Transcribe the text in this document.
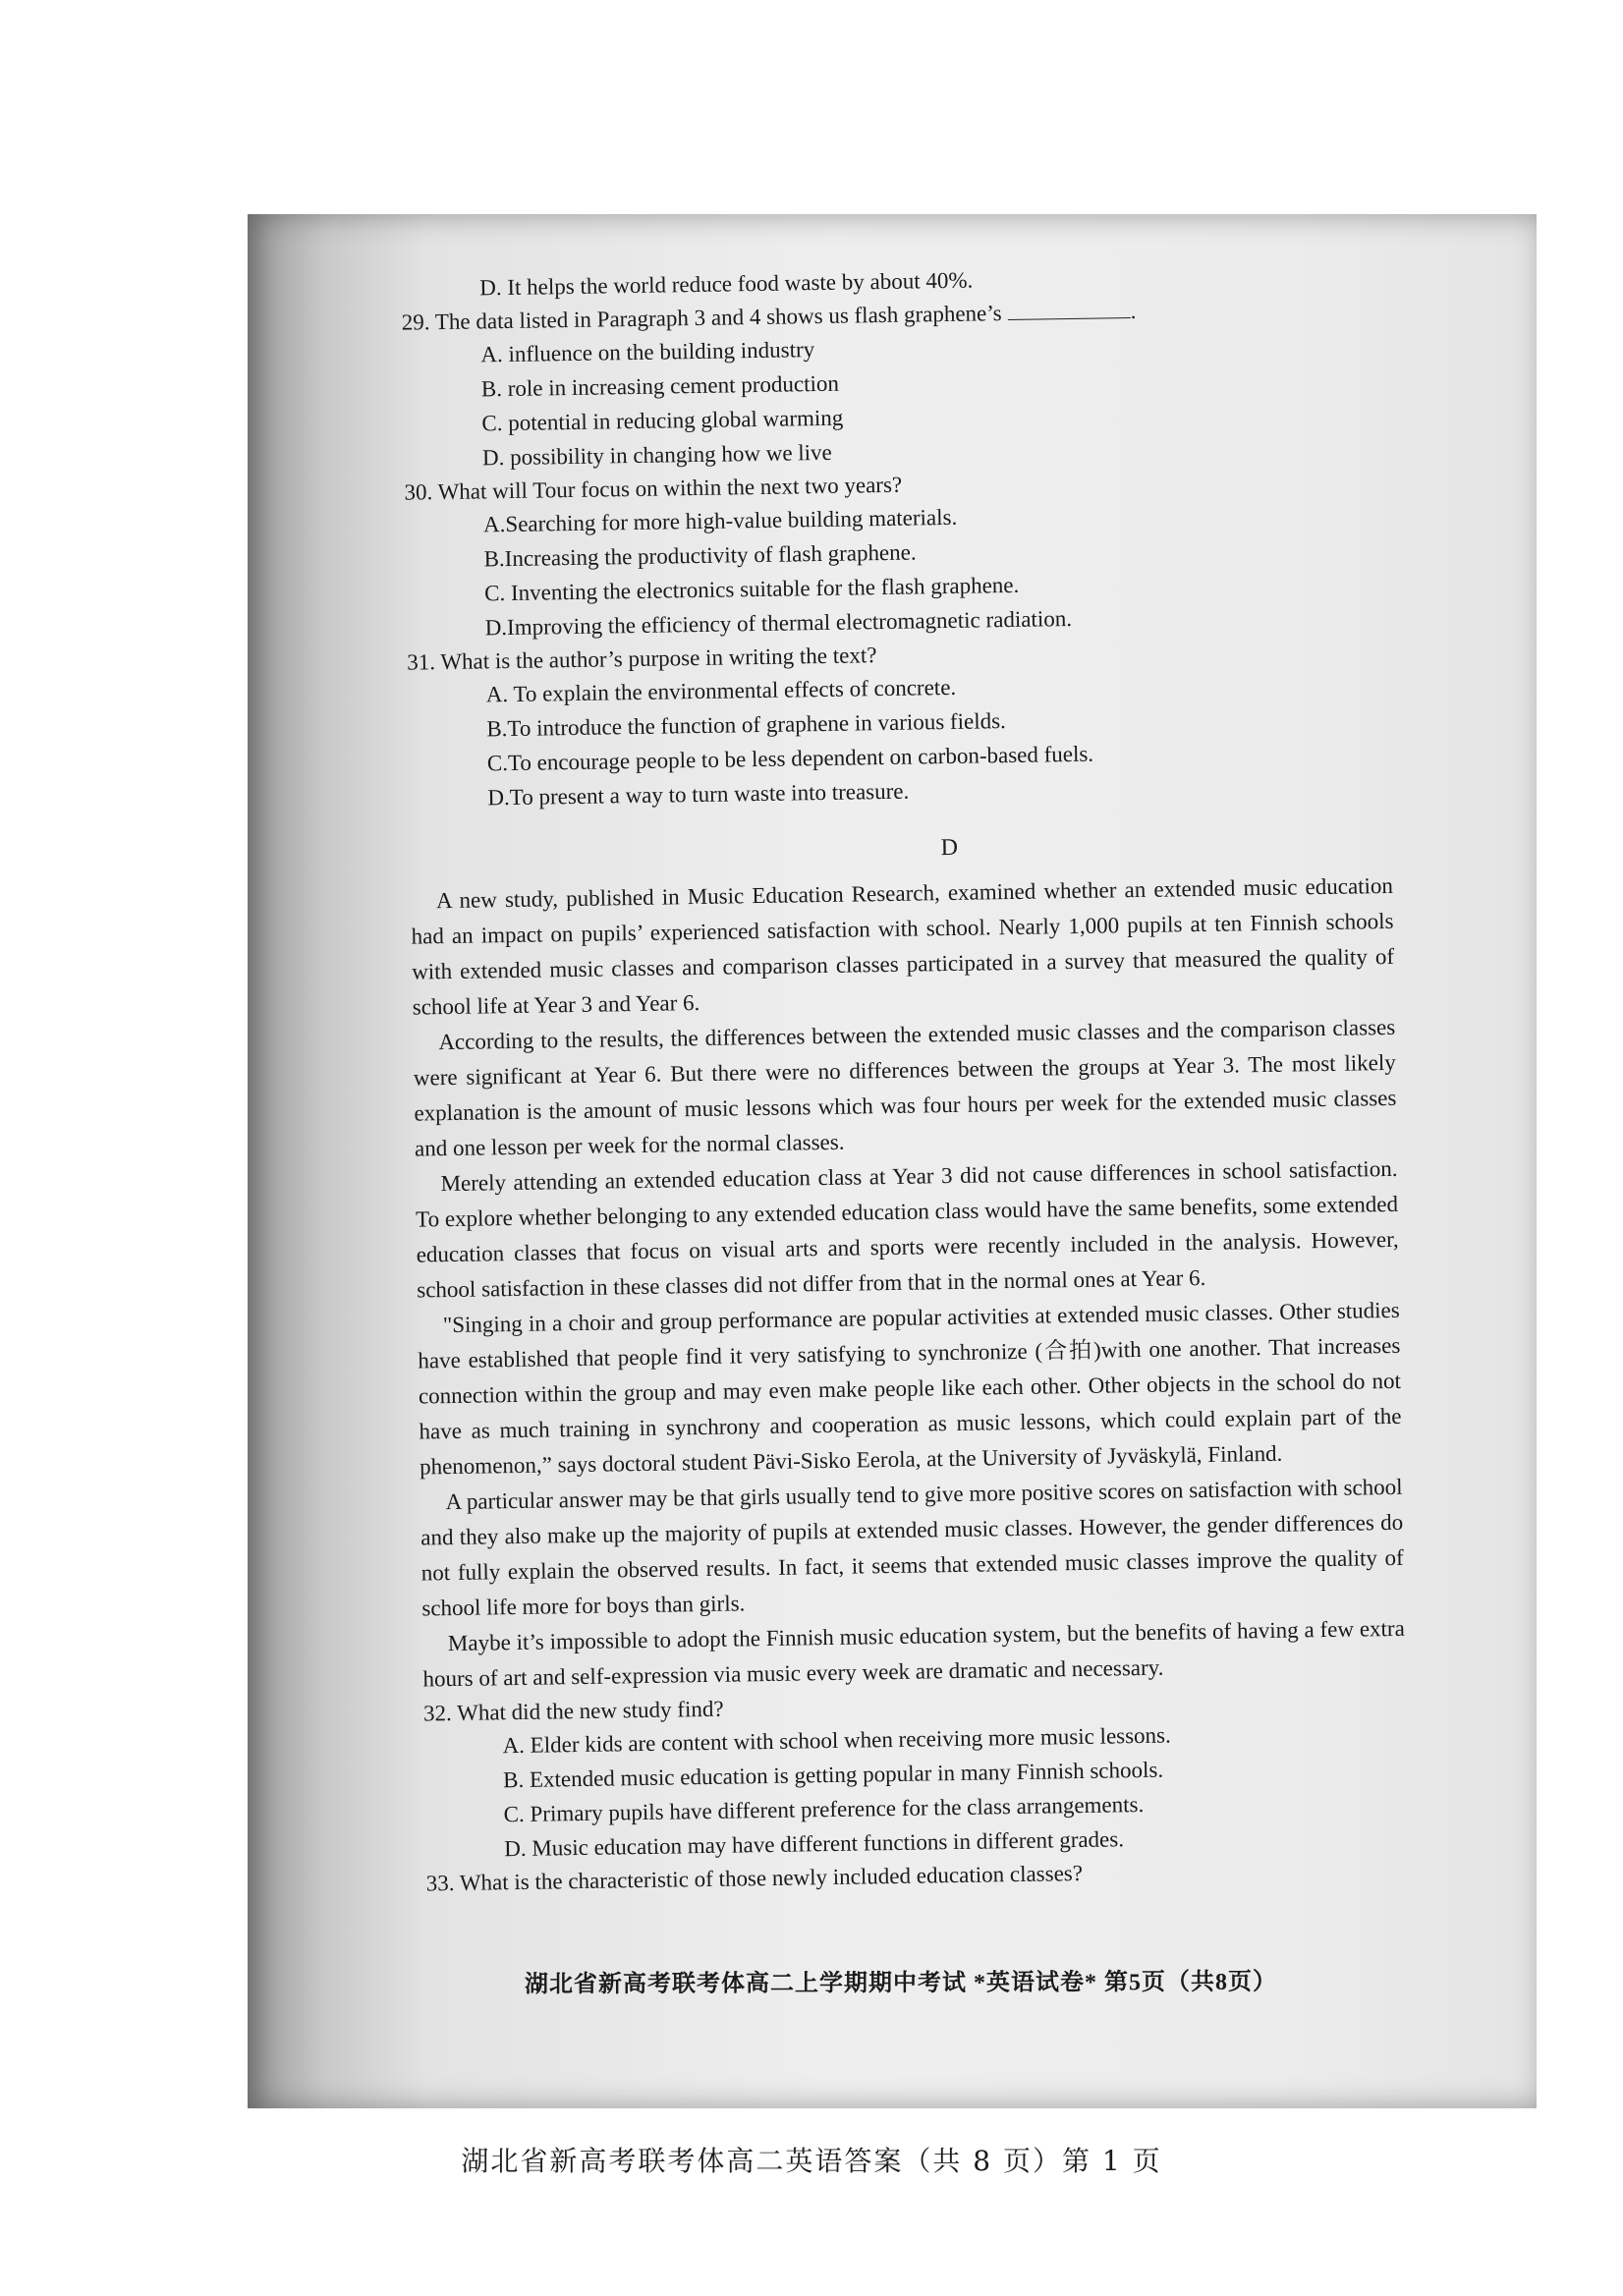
D. It helps the world reduce food waste by about 40%.

29. The data listed in Paragraph 3 and 4 shows us flash graphene’s	.

A. influence on the building industry

B. role in increasing cement production

C. potential in reducing global warming

D. possibility in changing how we live

30. What will Tour focus on within the next two years?

A.Searching for more high-value building materials.

B.Increasing the productivity of flash graphene.

C. Inventing the electronics suitable for the flash graphene.

D.Improving the efficiency of thermal electromagnetic radiation.

31. What is the author’s purpose in writing the text?

A. To explain the environmental effects of concrete.

B.To introduce the function of graphene in various fields.

C.To encourage people to be less dependent on carbon-based fuels.

D.To present a way to turn waste into treasure.

D

A new study, published in Music Education Research, examined whether an extended music education had an impact on pupils’ experienced satisfaction with school. Nearly 1,000 pupils at ten Finnish schools with extended music classes and comparison classes participated in a survey that measured the quality of school life at Year 3 and Year 6.

According to the results, the differences between the extended music classes and the comparison classes were significant at Year 6. But there were no differences between the groups at Year 3. The most likely explanation is the amount of music lessons which was four hours per week for the extended music classes and one lesson per week for the normal classes.

Merely attending an extended education class at Year 3 did not cause differences in school satisfaction. To explore whether belonging to any extended education class would have the same benefits, some extended education classes that focus on visual arts and sports were recently included in the analysis. However, school satisfaction in these classes did not differ from that in the normal ones at Year 6.

"Singing in a choir and group performance are popular activities at extended music classes. Other studies have established that people find it very satisfying to synchronize (合拍)with one another. That increases connection within the group and may even make people like each other. Other objects in the school do not have as much training in synchrony and cooperation as music lessons, which could explain part of the phenomenon,” says doctoral student Pävi-Sisko Eerola, at the University of Jyväskylä, Finland.

A particular answer may be that girls usually tend to give more positive scores on satisfaction with school and they also make up the majority of pupils at extended music classes. However, the gender differences do not fully explain the observed results. In fact, it seems that extended music classes improve the quality of school life more for boys than girls.

Maybe it’s impossible to adopt the Finnish music education system, but the benefits of having a few extra hours of art and self-expression via music every week are dramatic and necessary.

32. What did the new study find?

A. Elder kids are content with school when receiving more music lessons.

B. Extended music education is getting popular in many Finnish schools.

C. Primary pupils have different preference for the class arrangements.

D. Music education may have different functions in different grades.

33. What is the characteristic of those newly included education classes?

湖北省新高考联考体高二上学期期中考试 *英语试卷* 第5页（共8页）
湖北省新高考联考体高二英语答案（共 8 页）第 1 页
